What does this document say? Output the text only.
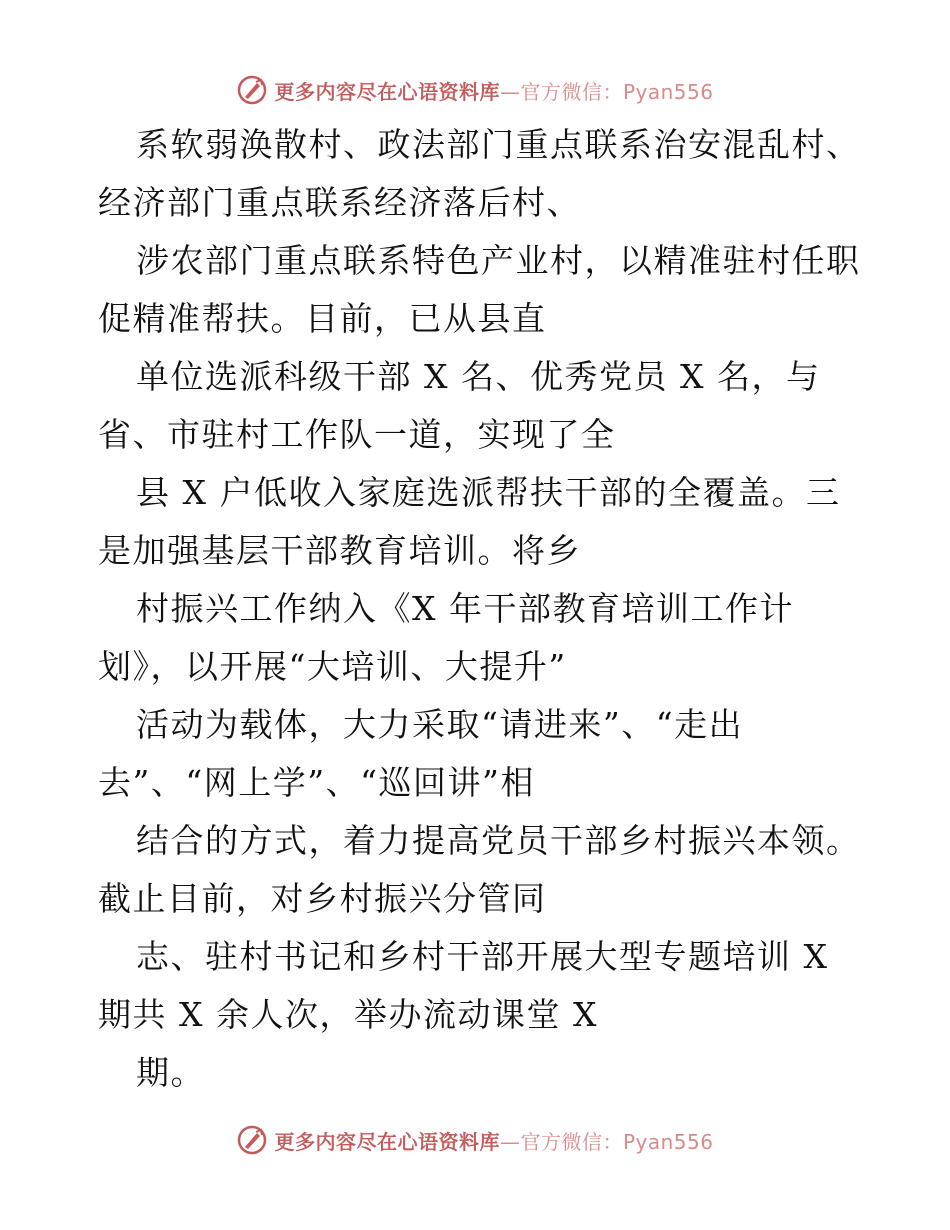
更多内容尽在心语资料库—官方微信：Pyan556

系软弱涣散村、政法部门重点联系治安混乱村、
经济部门重点联系经济落后村、

涉农部门重点联系特色产业村，以精准驻村任职
促精准帮扶。目前，已从县直

单位选派科级干部 X 名、优秀党员 X 名，与
省、市驻村工作队一道，实现了全

县 X 户低收入家庭选派帮扶干部的全覆盖。三
是加强基层干部教育培训。将乡

村振兴工作纳入《X 年干部教育培训工作计
划》，以开展“大培训、大提升”

活动为载体，大力采取“请进来”、“走出
去”、“网上学”、“巡回讲”相

结合的方式，着力提高党员干部乡村振兴本领。
截止目前，对乡村振兴分管同

志、驻村书记和乡村干部开展大型专题培训 X
期共 X 余人次，举办流动课堂 X

期。

更多内容尽在心语资料库—官方微信：Pyan556
